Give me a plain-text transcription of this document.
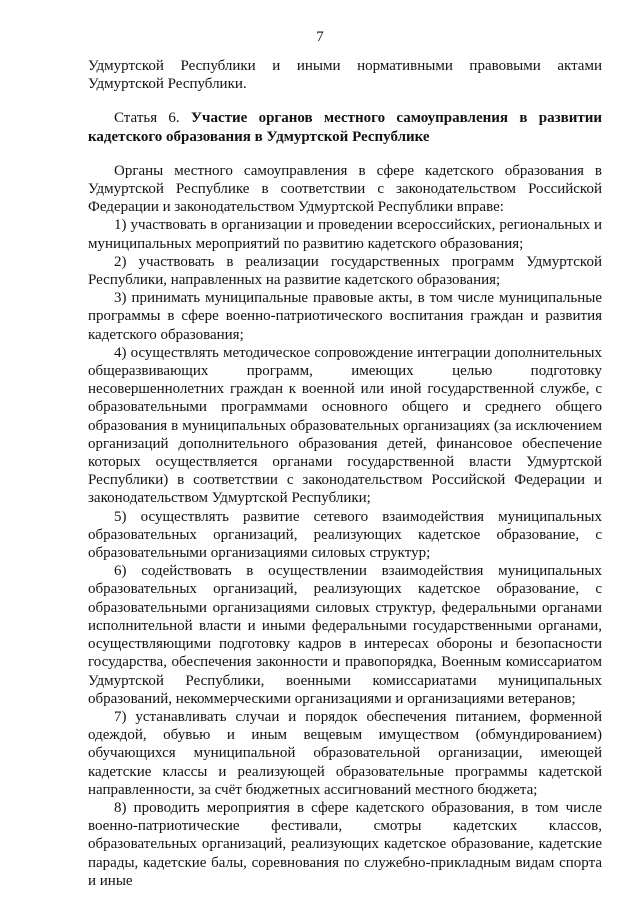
7

Удмуртской Республики и иными нормативными правовыми актами Удмуртской Республики.

Статья 6. Участие органов местного самоуправления в развитии кадетского образования в Удмуртской Республике

Органы местного самоуправления в сфере кадетского образования в Удмуртской Республике в соответствии с законодательством Российской Федерации и законодательством Удмуртской Республики вправе:

1) участвовать в организации и проведении всероссийских, региональных и муниципальных мероприятий по развитию кадетского образования;

2) участвовать в реализации государственных программ Удмуртской Республики, направленных на развитие кадетского образования;

3) принимать муниципальные правовые акты, в том числе муниципальные программы в сфере военно-патриотического воспитания граждан и развития кадетского образования;

4) осуществлять методическое сопровождение интеграции дополнительных общеразвивающих программ, имеющих целью подготовку несовершеннолетних граждан к военной или иной государственной службе, с образовательными программами основного общего и среднего общего образования в муниципальных образовательных организациях (за исключением организаций дополнительного образования детей, финансовое обеспечение которых осуществляется органами государственной власти Удмуртской Республики) в соответствии с законодательством Российской Федерации и законодательством Удмуртской Республики;

5) осуществлять развитие сетевого взаимодействия муниципальных образовательных организаций, реализующих кадетское образование, с образовательными организациями силовых структур;

6) содействовать в осуществлении взаимодействия муниципальных образовательных организаций, реализующих кадетское образование, с образовательными организациями силовых структур, федеральными органами исполнительной власти и иными федеральными государственными органами, осуществляющими подготовку кадров в интересах обороны и безопасности государства, обеспечения законности и правопорядка, Военным комиссариатом Удмуртской Республики, военными комиссариатами муниципальных образований, некоммерческими организациями и организациями ветеранов;

7) устанавливать случаи и порядок обеспечения питанием, форменной одеждой, обувью и иным вещевым имуществом (обмундированием) обучающихся муниципальной образовательной организации, имеющей кадетские классы и реализующей образовательные программы кадетской направленности, за счёт бюджетных ассигнований местного бюджета;

8) проводить мероприятия в сфере кадетского образования, в том числе военно-патриотические фестивали, смотры кадетских классов, образовательных организаций, реализующих кадетское образование, кадетские парады, кадетские балы, соревнования по служебно-прикладным видам спорта и иные
